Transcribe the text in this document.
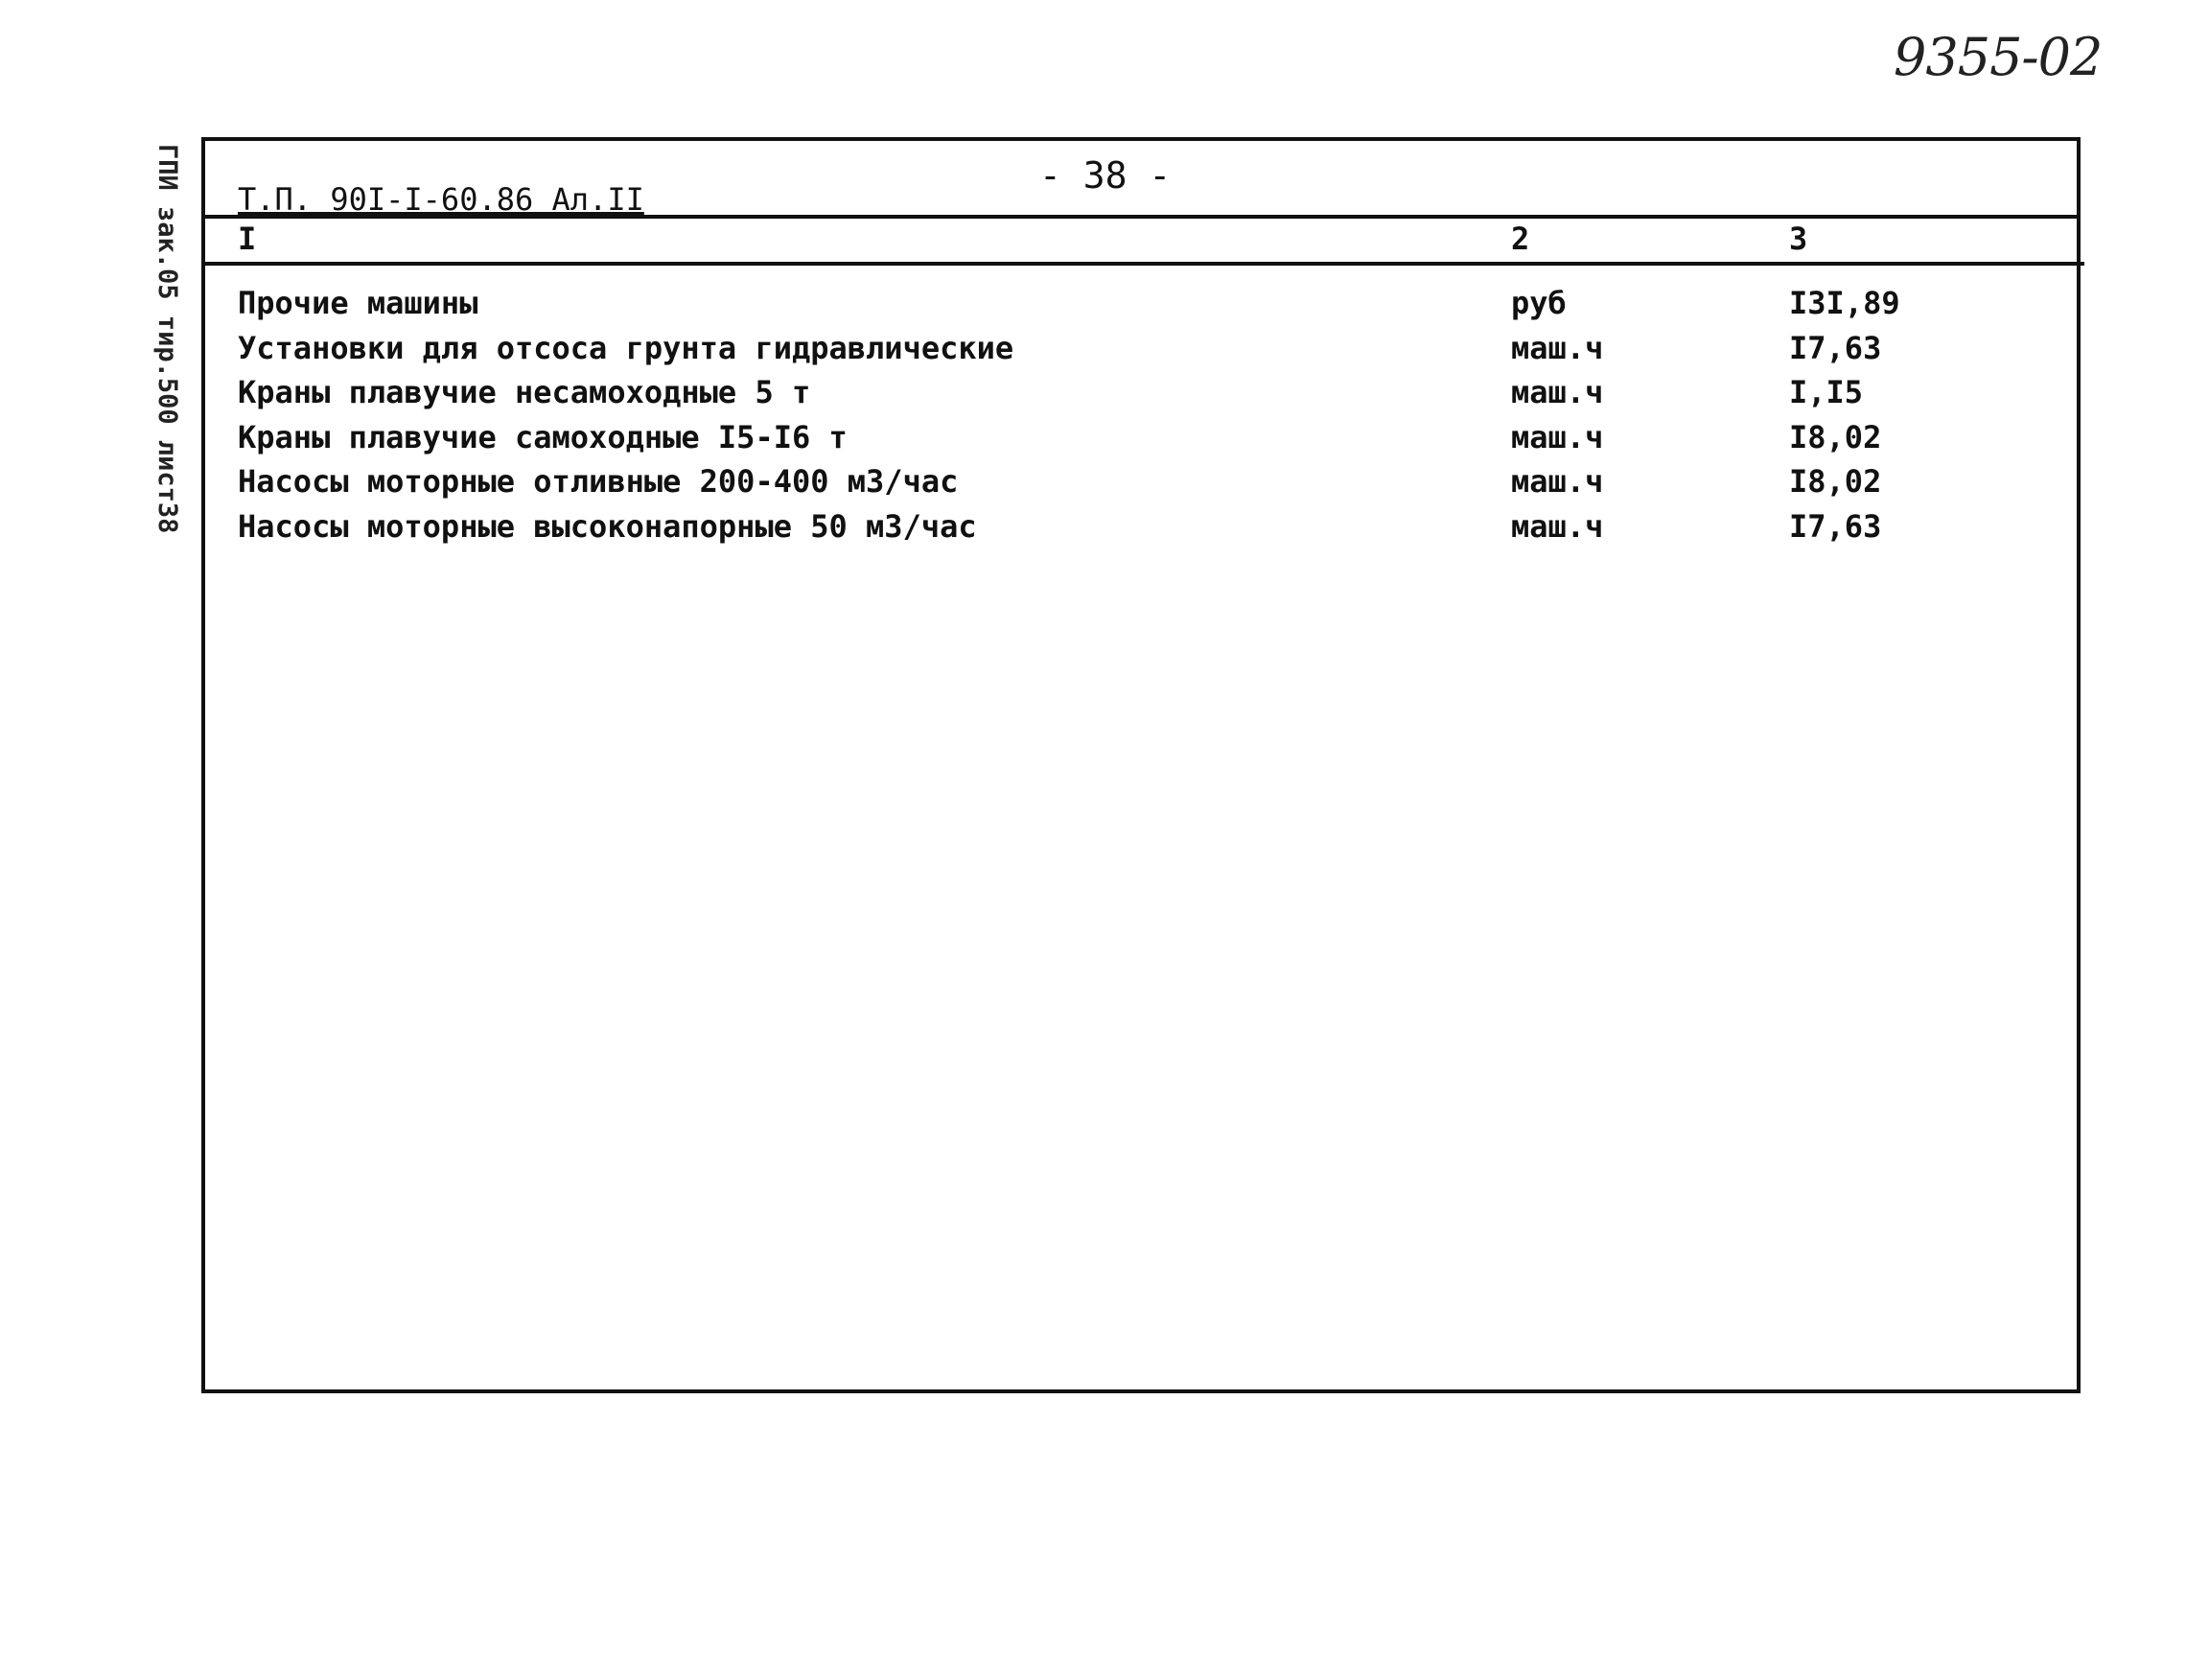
9355-02
ГПИ зак.05 тир.500 лист38 Т.П. 90I-I-60.86 Ал.II
- 38 -
I	2	3
Прочие машины	руб	I3I,89
Установки для отсоса грунта гидравлические	маш.ч	I7,63
Краны плавучие несамоходные 5 т	маш.ч	I,I5
Краны плавучие самоходные I5-I6 т	маш.ч	I8,02
Насосы моторные отливные 200-400 м3/час	маш.ч	I8,02
Насосы моторные высоконапорные 50 м3/час	маш.ч	I7,63
